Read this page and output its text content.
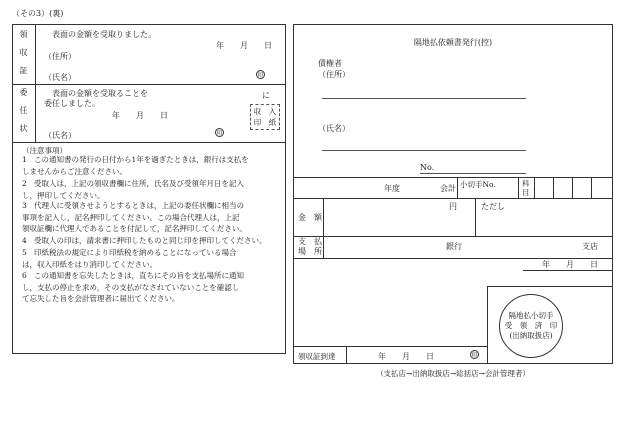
（その3）(裏)
領収証	表面の金額を受取りました。
年　　月　　日
（住所）
（氏名）	印
委任状	表面の金額を受取ることを	に
委任しました。
年　　月　　日	収　入
印　紙
（氏名）	印
（注意事項）
1 この通知書の発行の日付から1年を過ぎたときは，銀行は支払を
しませんからご注意ください。
2 受取人は，上記の領収書欄に住所，氏名及び受領年月日を記入
し，押印してください。
3 代理人に受領させようとするときは，上記の委任状欄に相当の
事項を記入し，記名押印してください。この場合代理人は，上記
領収証欄に代理人であることを付記して，記名押印してください。
4 受取人の印は，請求書に押印したものと同じ印を押印してください。
5 印紙税法の規定により印紙税を納めることになっている場合
は，収入印紙をはり消印してください。
6 この通知書を忘失したときは，直ちにその旨を支払場所に通知
し，支払の停止を求め，その支払がなされていないことを確認し
て忘失した旨を会計管理者に届出てください。
隔地払依頼書発行(控)
債権者
（住所）
（氏名）
No.
年度	会計 小切手No.	科　目
金　額
円	ただし
支　払
場　所
銀行	支店
年　　月　　日
隔地払小切手
受　領　済　印
(出納取扱店)
領収証到達	年　　月　　日	印
（支払店→出納取扱店→総括店→会計管理者）
